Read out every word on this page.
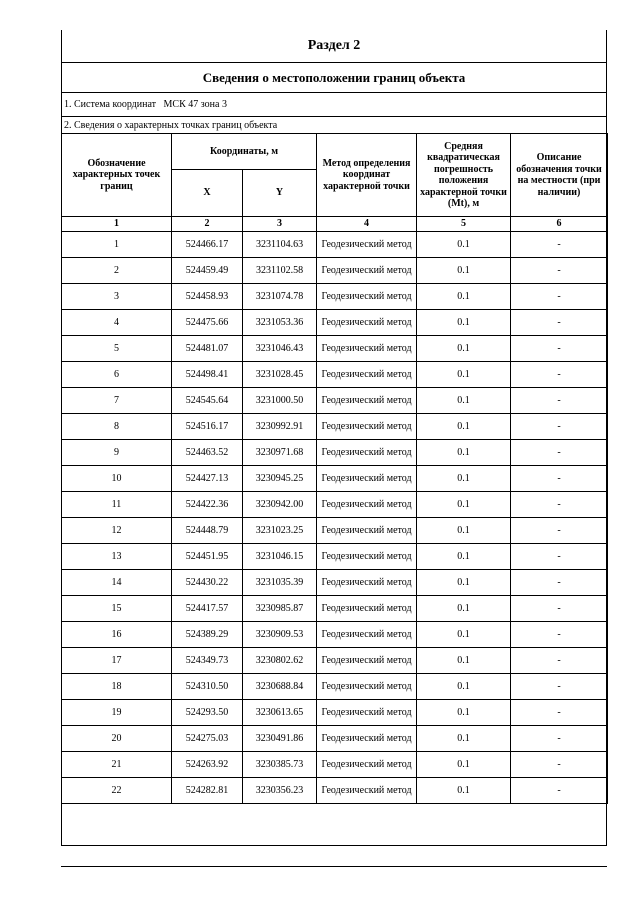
Раздел 2
Сведения о местоположении границ объекта
1. Система координат
МСК 47 зона 3
2. Сведения о характерных точках границ объекта
Обозначение характерных точек границ	Координаты, м		Метод определения координат характерной точки	Средняя квадратическая погрешность положения характерной точки (Mt), м	Описание обозначения точки на местности (при наличии)
	X	Y			
1	2	3	4	5	6
1	524466.17	3231104.63	Геодезический метод	0.1	-
2	524459.49	3231102.58	Геодезический метод	0.1	-
3	524458.93	3231074.78	Геодезический метод	0.1	-
4	524475.66	3231053.36	Геодезический метод	0.1	-
5	524481.07	3231046.43	Геодезический метод	0.1	-
6	524498.41	3231028.45	Геодезический метод	0.1	-
7	524545.64	3231000.50	Геодезический метод	0.1	-
8	524516.17	3230992.91	Геодезический метод	0.1	-
9	524463.52	3230971.68	Геодезический метод	0.1	-
10	524427.13	3230945.25	Геодезический метод	0.1	-
11	524422.36	3230942.00	Геодезический метод	0.1	-
12	524448.79	3231023.25	Геодезический метод	0.1	-
13	524451.95	3231046.15	Геодезический метод	0.1	-
14	524430.22	3231035.39	Геодезический метод	0.1	-
15	524417.57	3230985.87	Геодезический метод	0.1	-
16	524389.29	3230909.53	Геодезический метод	0.1	-
17	524349.73	3230802.62	Геодезический метод	0.1	-
18	524310.50	3230688.84	Геодезический метод	0.1	-
19	524293.50	3230613.65	Геодезический метод	0.1	-
20	524275.03	3230491.86	Геодезический метод	0.1	-
21	524263.92	3230385.73	Геодезический метод	0.1	-
22	524282.81	3230356.23	Геодезический метод	0.1	-
